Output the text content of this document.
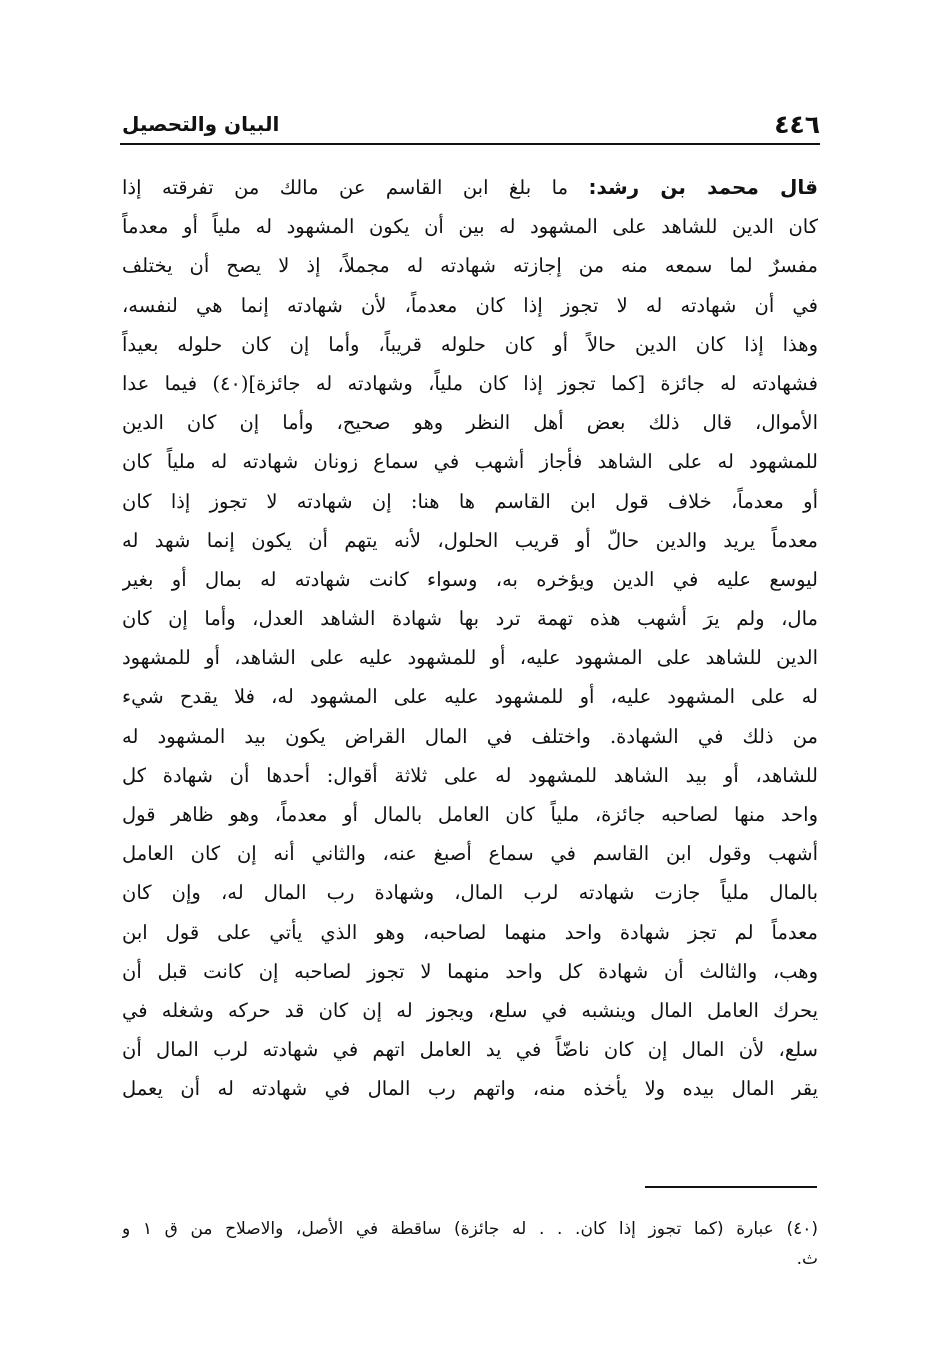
٤٤٦
البيان والتحصيل
قال محمد بن رشد: ما بلغ ابن القاسم عن مالك من تفرقته إذا
كان الدين للشاهد على المشهود له بين أن يكون المشهود له ملياً أو معدماً
مفسرٌ لما سمعه منه من إجازته شهادته له مجملاً، إذ لا يصح أن يختلف
في أن شهادته له لا تجوز إذا كان معدماً، لأن شهادته إنما هي لنفسه،
وهذا إذا كان الدين حالاً أو كان حلوله قريباً، وأما إن كان حلوله بعيداً
فشهادته له جائزة [كما تجوز إذا كان ملياً، وشهادته له جائزة](٤٠) فيما عدا
الأموال، قال ذلك بعض أهل النظر وهو صحيح، وأما إن كان الدين
للمشهود له على الشاهد فأجاز أشهب في سماع زونان شهادته له ملياً كان
أو معدماً، خلاف قول ابن القاسم ها هنا: إن شهادته لا تجوز إذا كان
معدماً يريد والدين حالّ أو قريب الحلول، لأنه يتهم أن يكون إنما شهد له
ليوسع عليه في الدين ويؤخره به، وسواء كانت شهادته له بمال أو بغير
مال، ولم يرَ أشهب هذه تهمة ترد بها شهادة الشاهد العدل، وأما إن كان
الدين للشاهد على المشهود عليه، أو للمشهود عليه على الشاهد، أو للمشهود
له على المشهود عليه، أو للمشهود عليه على المشهود له، فلا يقدح شيء
من ذلك في الشهادة. واختلف في المال القراض يكون بيد المشهود له
للشاهد، أو بيد الشاهد للمشهود له على ثلاثة أقوال: أحدها أن شهادة كل
واحد منها لصاحبه جائزة، ملياً كان العامل بالمال أو معدماً، وهو ظاهر قول
أشهب وقول ابن القاسم في سماع أصبغ عنه، والثاني أنه إن كان العامل
بالمال ملياً جازت شهادته لرب المال، وشهادة رب المال له، وإن كان
معدماً لم تجز شهادة واحد منهما لصاحبه، وهو الذي يأتي على قول ابن
وهب، والثالث أن شهادة كل واحد منهما لا تجوز لصاحبه إن كانت قبل أن
يحرك العامل المال وينشبه في سلع، ويجوز له إن كان قد حركه وشغله في
سلع، لأن المال إن كان ناضّاً في يد العامل اتهم في شهادته لرب المال أن
يقر المال بيده ولا يأخذه منه، واتهم رب المال في شهادته له أن يعمل
(٤٠) عبارة (كما تجوز إذا كان. . . له جائزة) ساقطة في الأصل، والاصلاح من ق ١ و
ث.
